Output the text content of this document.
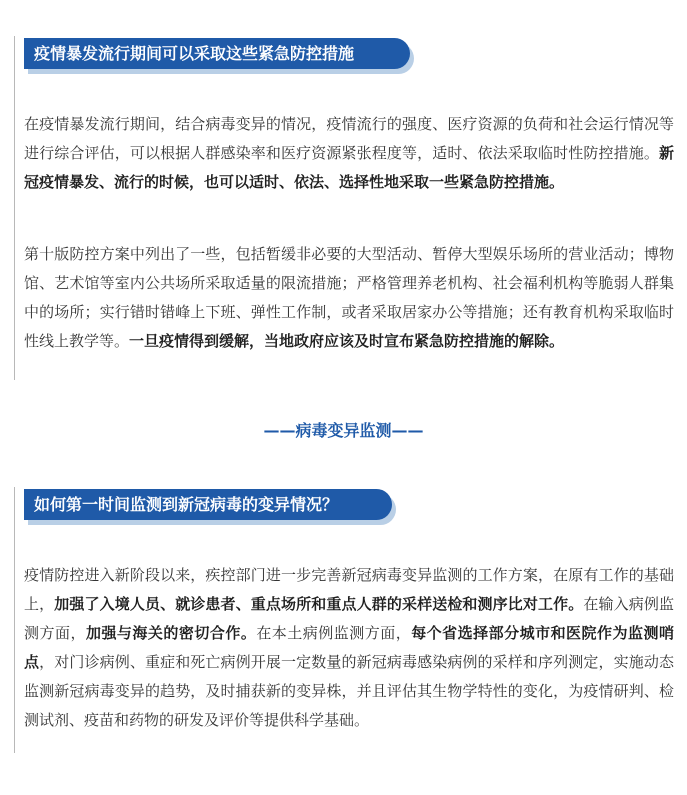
疫情暴发流行期间可以采取这些紧急防控措施

在疫情暴发流行期间，结合病毒变异的情况，疫情流行的强度、医疗资源的负荷和社会运行情况等进行综合评估，可以根据人群感染率和医疗资源紧张程度等，适时、依法采取临时性防控措施。新冠疫情暴发、流行的时候，也可以适时、依法、选择性地采取一些紧急防控措施。

第十版防控方案中列出了一些，包括暂缓非必要的大型活动、暂停大型娱乐场所的营业活动；博物馆、艺术馆等室内公共场所采取适量的限流措施；严格管理养老机构、社会福利机构等脆弱人群集中的场所；实行错时错峰上下班、弹性工作制，或者采取居家办公等措施；还有教育机构采取临时性线上教学等。一旦疫情得到缓解，当地政府应该及时宣布紧急防控措施的解除。

——病毒变异监测——
如何第一时间监测到新冠病毒的变异情况？

疫情防控进入新阶段以来，疾控部门进一步完善新冠病毒变异监测的工作方案，在原有工作的基础上，加强了入境人员、就诊患者、重点场所和重点人群的采样送检和测序比对工作。在输入病例监测方面，加强与海关的密切合作。在本土病例监测方面，每个省选择部分城市和医院作为监测哨点，对门诊病例、重症和死亡病例开展一定数量的新冠病毒感染病例的采样和序列测定，实施动态监测新冠病毒变异的趋势，及时捕获新的变异株，并且评估其生物学特性的变化，为疫情研判、检测试剂、疫苗和药物的研发及评价等提供科学基础。
